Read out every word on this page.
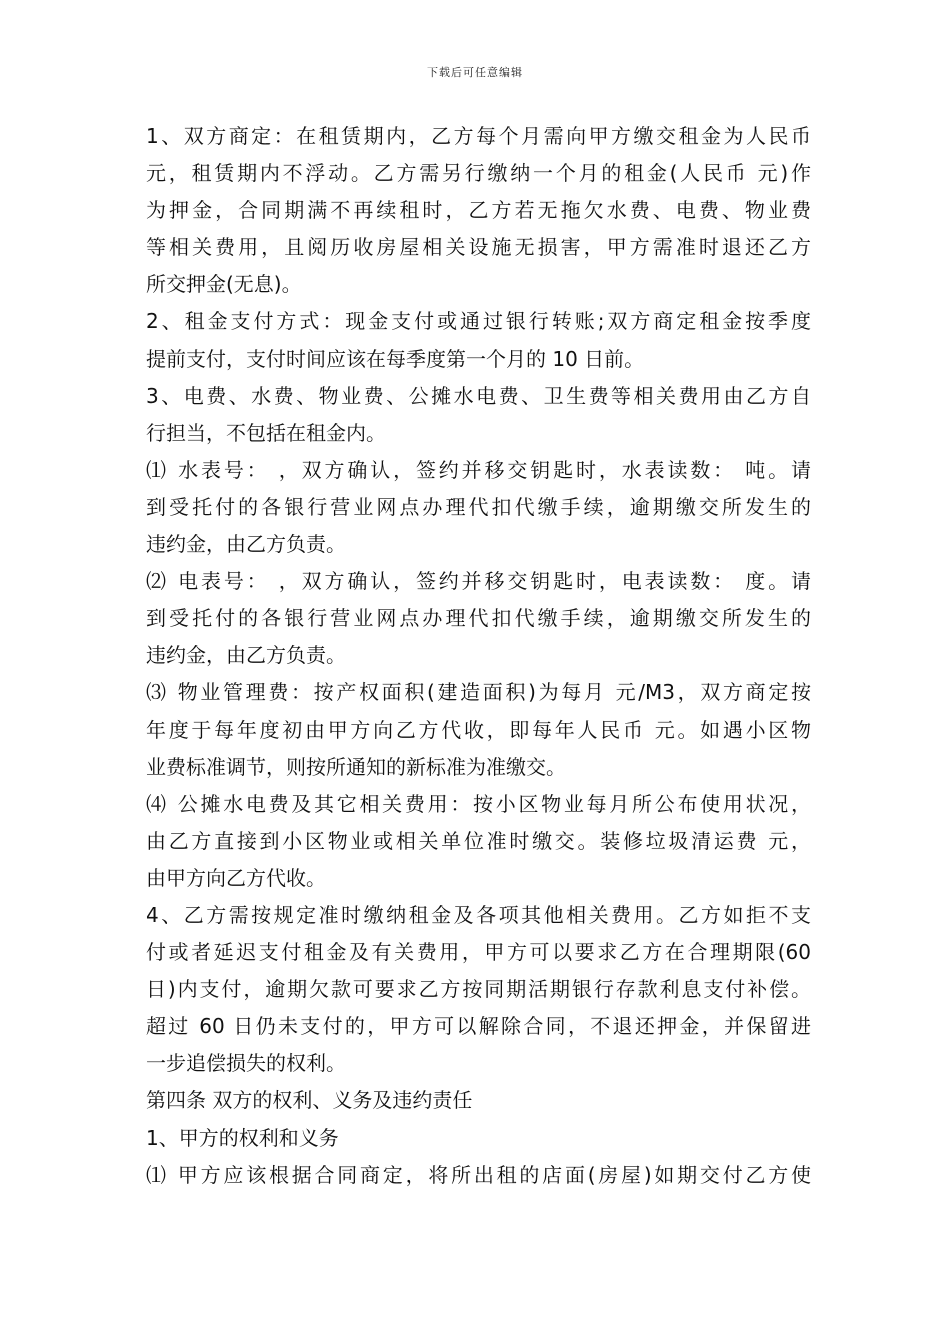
下载后可任意编辑
1、双方商定：在租赁期内，乙方每个月需向甲方缴交租金为人民币
元，租赁期内不浮动。乙方需另行缴纳一个月的租金(人民币 元)作
为押金，合同期满不再续租时，乙方若无拖欠水费、电费、物业费
等相关费用，且阅历收房屋相关设施无损害，甲方需准时退还乙方
所交押金(无息)。
2、租金支付方式：现金支付或通过银行转账;双方商定租金按季度
提前支付，支付时间应该在每季度第一个月的 10 日前。
3、电费、水费、物业费、公摊水电费、卫生费等相关费用由乙方自
行担当，不包括在租金内。
⑴ 水表号： ，双方确认，签约并移交钥匙时，水表读数： 吨。请
到受托付的各银行营业网点办理代扣代缴手续，逾期缴交所发生的
违约金，由乙方负责。
⑵ 电表号： ，双方确认，签约并移交钥匙时，电表读数： 度。请
到受托付的各银行营业网点办理代扣代缴手续，逾期缴交所发生的
违约金，由乙方负责。
⑶ 物业管理费：按产权面积(建造面积)为每月 元/M3，双方商定按
年度于每年度初由甲方向乙方代收，即每年人民币 元。如遇小区物
业费标准调节，则按所通知的新标准为准缴交。
⑷ 公摊水电费及其它相关费用：按小区物业每月所公布使用状况，
由乙方直接到小区物业或相关单位准时缴交。装修垃圾清运费 元，
由甲方向乙方代收。
4、乙方需按规定准时缴纳租金及各项其他相关费用。乙方如拒不支
付或者延迟支付租金及有关费用，甲方可以要求乙方在合理期限(60
日)内支付，逾期欠款可要求乙方按同期活期银行存款利息支付补偿。
超过 60 日仍未支付的，甲方可以解除合同，不退还押金，并保留进
一步追偿损失的权利。
第四条 双方的权利、义务及违约责任
1、甲方的权利和义务
⑴ 甲方应该根据合同商定，将所出租的店面(房屋)如期交付乙方使
